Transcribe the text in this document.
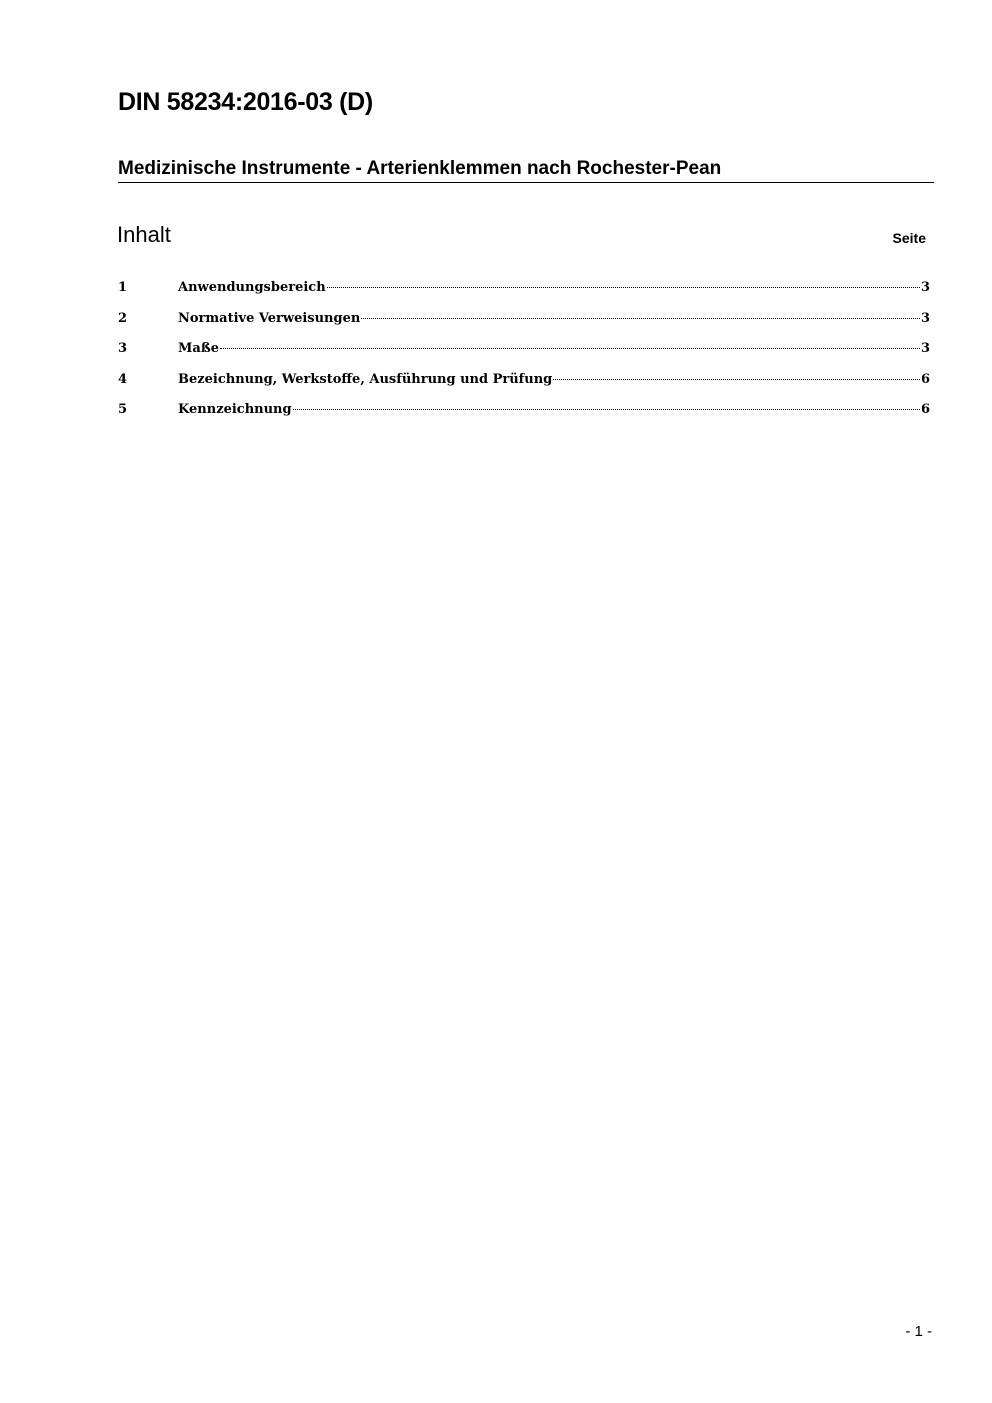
DIN 58234:2016-03 (D)
Medizinische Instrumente - Arterienklemmen nach Rochester-Pean
Inhalt	Seite
1	Anwendungsbereich	3
2	Normative Verweisungen	3
3	Maße	3
4	Bezeichnung, Werkstoffe, Ausführung und Prüfung	6
5	Kennzeichnung	6
- 1 -
